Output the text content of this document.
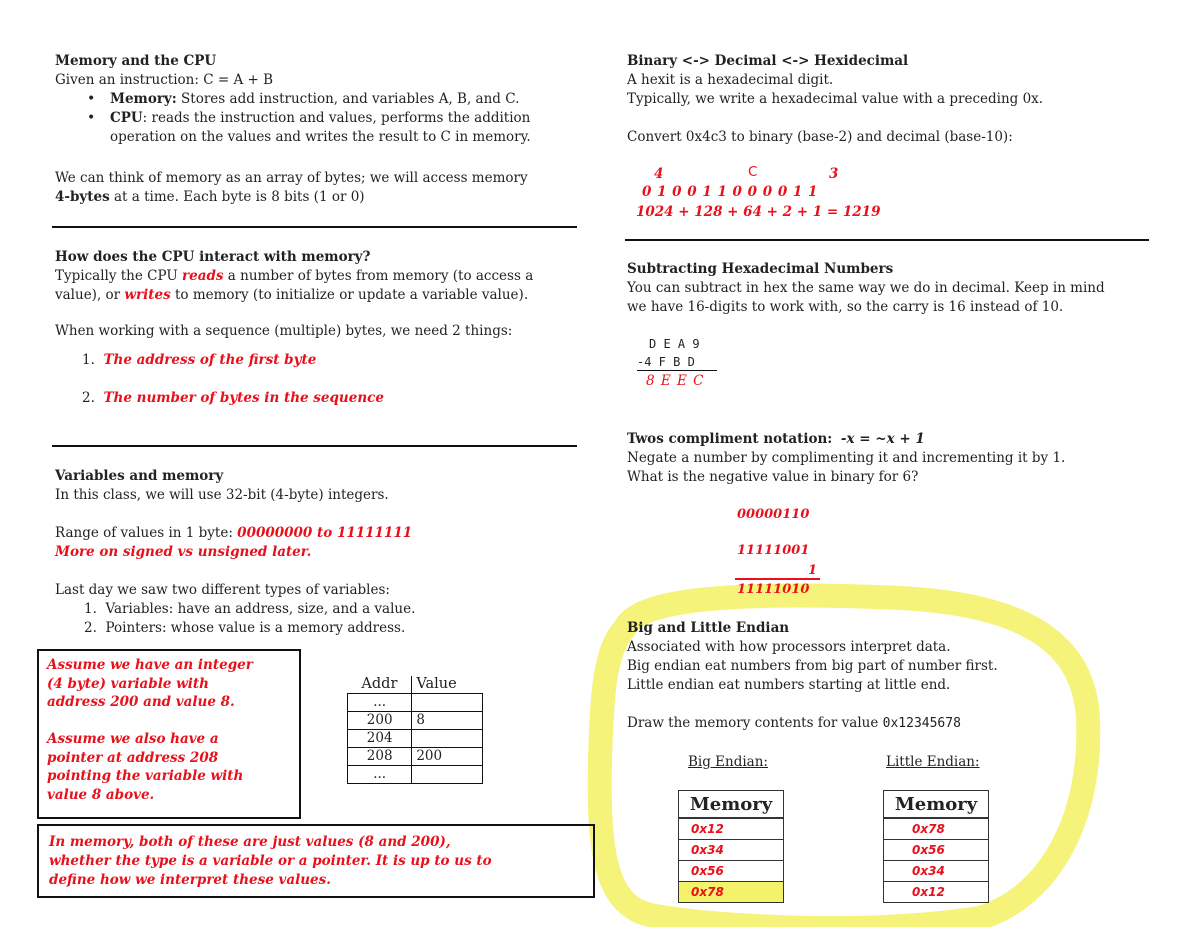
Memory and the CPU
Given an instruction: C = A + B
• Memory: Stores add instruction, and variables A, B, and C.
• CPU: reads the instruction and values, performs the addition
operation on the values and writes the result to C in memory.
We can think of memory as an array of bytes; we will access memory
4-bytes at a time. Each byte is 8 bits (1 or 0)
How does the CPU interact with memory?
Typically the CPU reads a number of bytes from memory (to access a
value), or writes to memory (to initialize or update a variable value).
When working with a sequence (multiple) bytes, we need 2 things:
1. The address of the first byte
2. The number of bytes in the sequence
Variables and memory
In this class, we will use 32-bit (4-byte) integers.
Range of values in 1 byte: 00000000 to 11111111
More on signed vs unsigned later.
Last day we saw two different types of variables:
1. Variables: have an address, size, and a value.
2. Pointers: whose value is a memory address.
Assume we have an integer
(4 byte) variable with
address 200 and value 8.
Assume we also have a
pointer at address 208
pointing the variable with
value 8 above.
Addr	Value
...	
200	8
204	
208	200
...	
In memory, both of these are just values (8 and 200),
whether the type is a variable or a pointer. It is up to us to
define how we interpret these values.
Binary <-> Decimal <-> Hexidecimal
A hexit is a hexadecimal digit.
Typically, we write a hexadecimal value with a preceding 0x.
Convert 0x4c3 to binary (base-2) and decimal (base-10):
4	C	3
0 1 0 0 1 1 0 0 0 0 1 1
1024 + 128 + 64 + 2 + 1 = 1219
Subtracting Hexadecimal Numbers
You can subtract in hex the same way we do in decimal. Keep in mind
we have 16-digits to work with, so the carry is 16 instead of 10.
D E A 9
-4 F B D
8 E E C
Twos compliment notation: -x = ~x + 1
Negate a number by complimenting it and incrementing it by 1.
What is the negative value in binary for 6?
00000110
11111001
1
11111010
Big and Little Endian
Associated with how processors interpret data.
Big endian eat numbers from big part of number first.
Little endian eat numbers starting at little end.
Draw the memory contents for value 0x12345678
Big Endian:	Little Endian:
Memory
0x12
0x34
0x56
0x78
Memory
0x78
0x56
0x34
0x12
